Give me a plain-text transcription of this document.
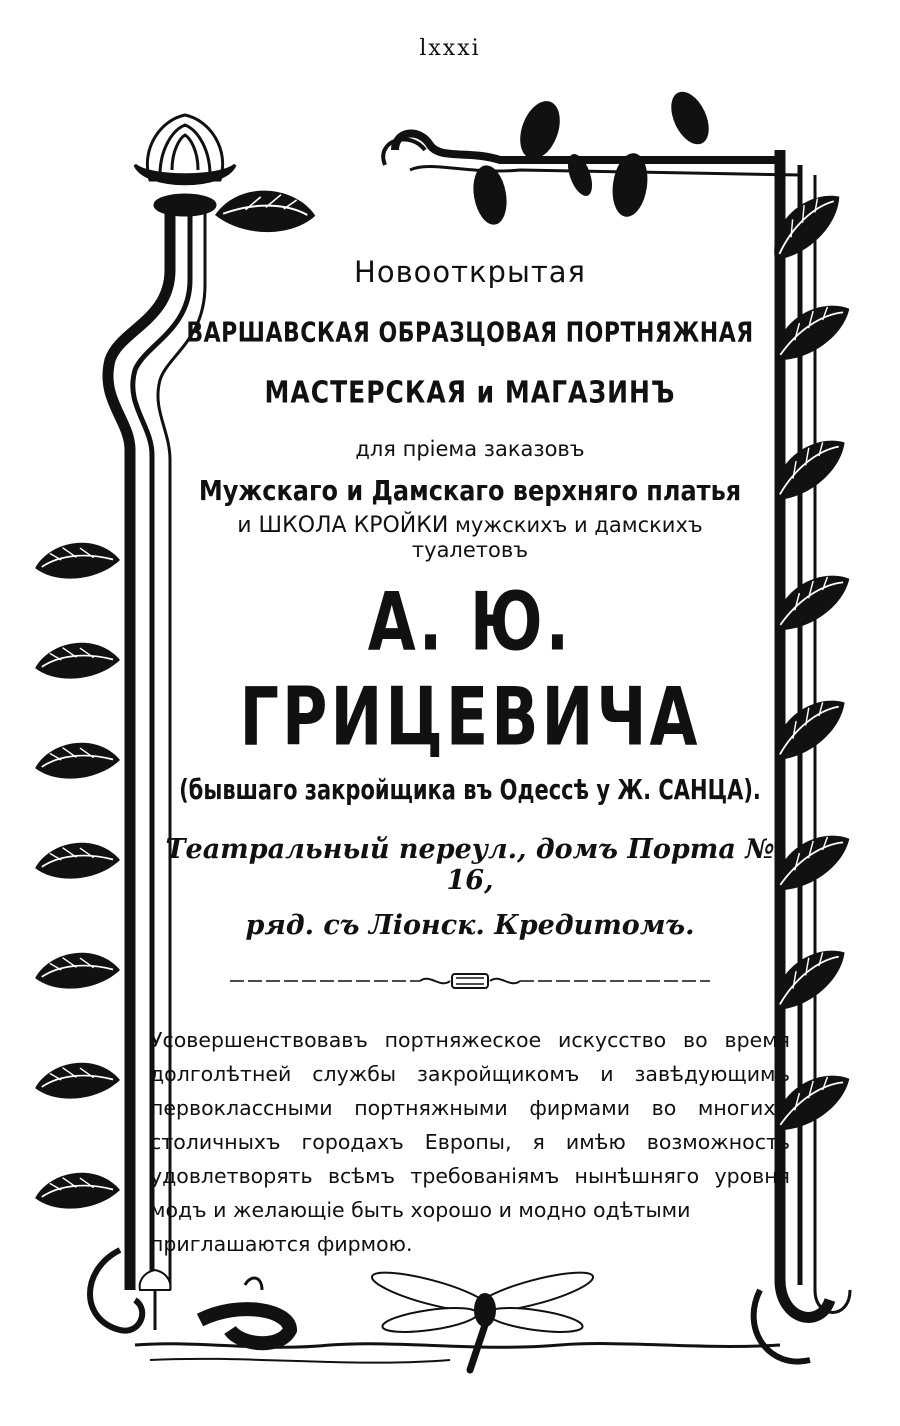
lxxxi
Новооткрытая
ВАРШАВСКАЯ ОБРАЗЦОВАЯ ПОРТНЯЖНАЯ
МАСТЕРСКАЯ и МАГАЗИНЪ
для пріема заказовъ
Мужскаго и Дамскаго верхняго платья
и ШКОЛА КРОЙКИ мужскихъ и дамскихъ
туалетовъ
А. Ю. ГРИЦЕВИЧА
(бывшаго закройщика въ Одессѣ у Ж. САНЦА).
Театральный переул., домъ Порта № 16,
ряд. съ Ліонск. Кредитомъ.
Усовершенствовавъ портняжеское искусство во время долголѣтней службы закройщикомъ и завѣдующимъ первоклассными портняжными фирмами во многихъ столичныхъ городахъ Европы, я имѣю возможность удовлетворять всѣмъ требованіямъ нынѣшняго уровня модъ и желающіе быть хорошо и модно одѣтыми
приглашаются фирмою.
